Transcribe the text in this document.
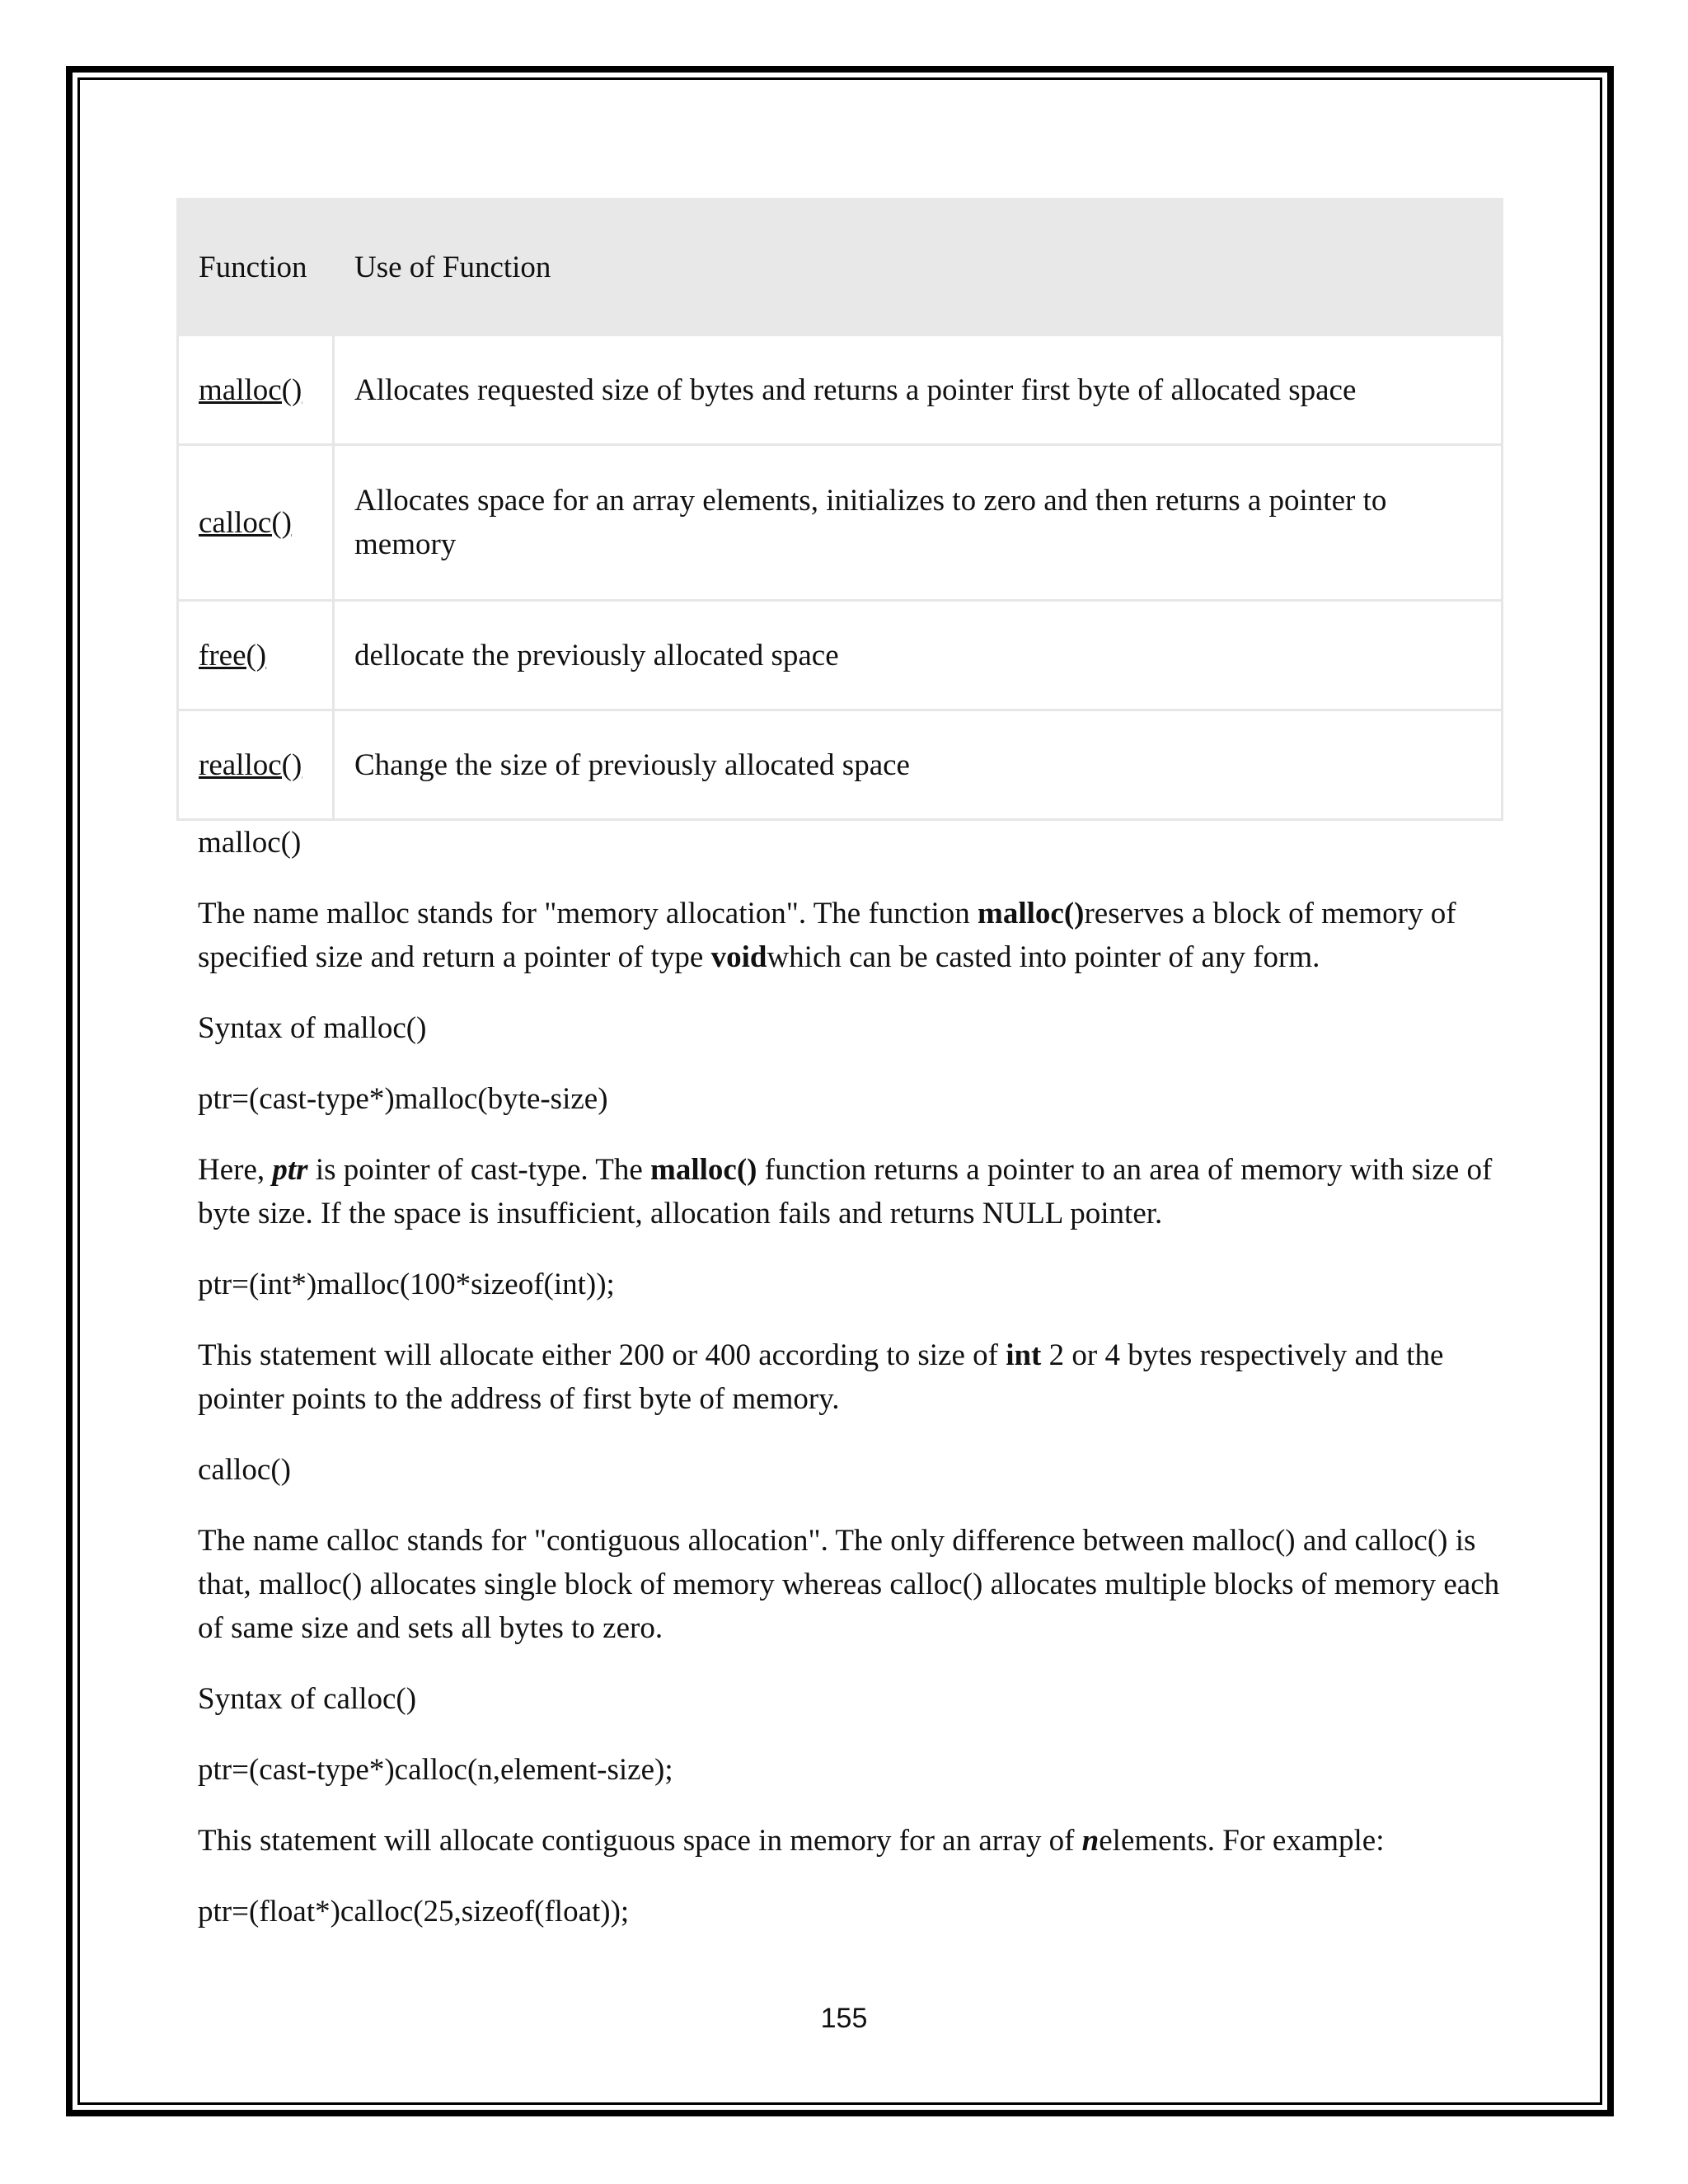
Function	Use of Function
malloc()	Allocates requested size of bytes and returns a pointer first byte of allocated space
calloc()	Allocates space for an array elements, initializes to zero and then returns a pointer to memory
free()	dellocate the previously allocated space
realloc()	Change the size of previously allocated space

malloc()

The name malloc stands for "memory allocation". The function malloc()reserves a block of memory of specified size and return a pointer of type voidwhich can be casted into pointer of any form.

Syntax of malloc()

ptr=(cast-type*)malloc(byte-size)

Here, ptr is pointer of cast-type. The malloc() function returns a pointer to an area of memory with size of byte size. If the space is insufficient, allocation fails and returns NULL pointer.

ptr=(int*)malloc(100*sizeof(int));

This statement will allocate either 200 or 400 according to size of int 2 or 4 bytes respectively and the pointer points to the address of first byte of memory.

calloc()

The name calloc stands for "contiguous allocation". The only difference between malloc() and calloc() is that, malloc() allocates single block of memory whereas calloc() allocates multiple blocks of memory each of same size and sets all bytes to zero.

Syntax of calloc()

ptr=(cast-type*)calloc(n,element-size);

This statement will allocate contiguous space in memory for an array of nelements. For example:

ptr=(float*)calloc(25,sizeof(float));

155
